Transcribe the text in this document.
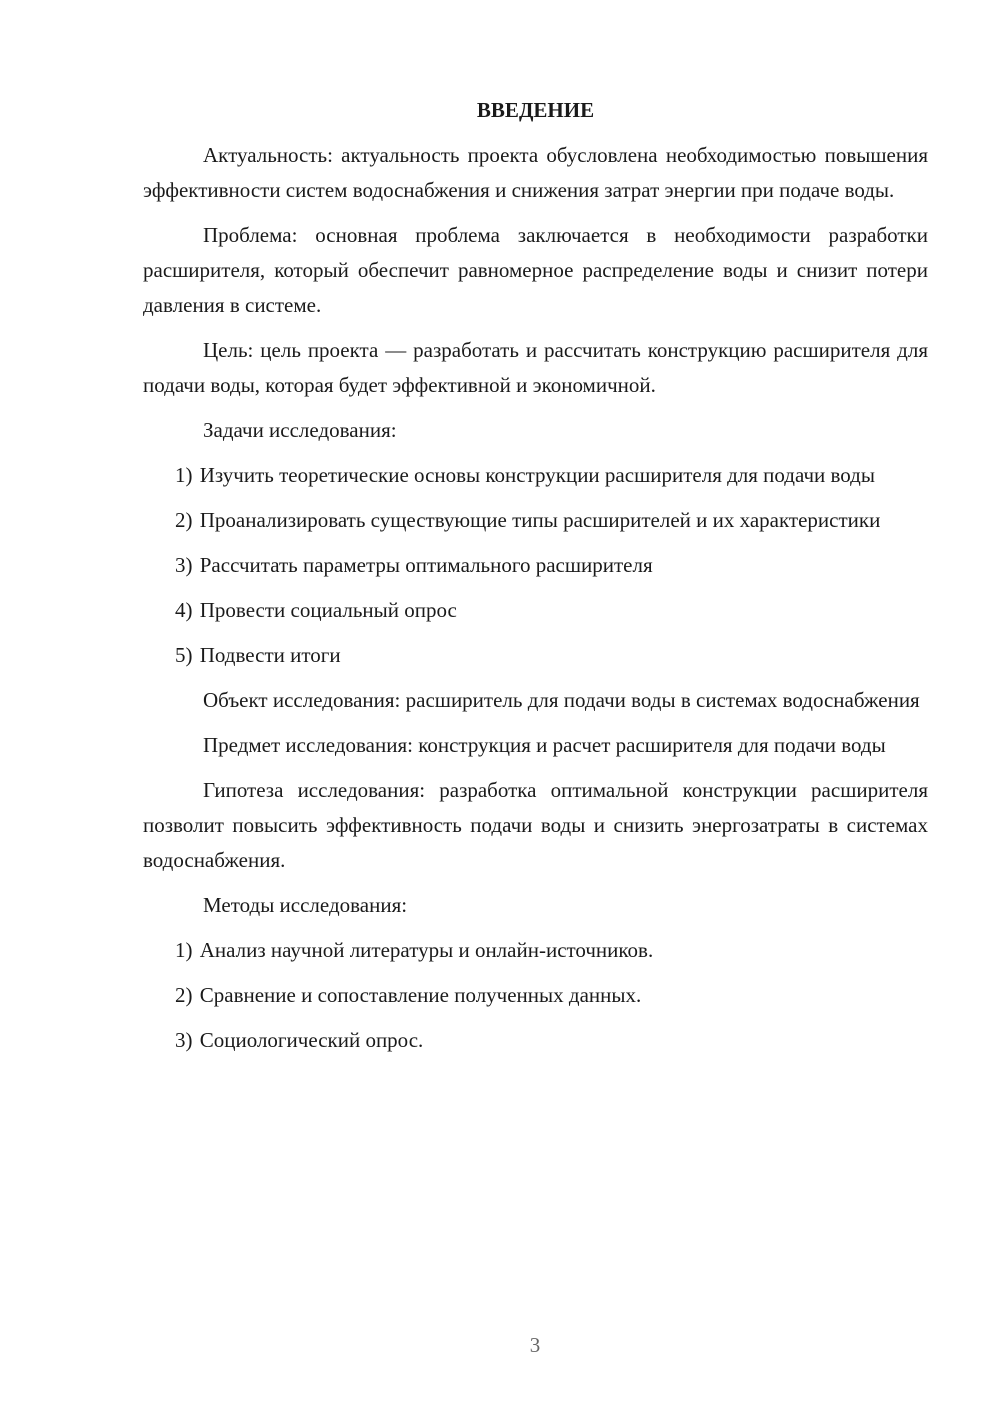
ВВЕДЕНИЕ

Актуальность: актуальность проекта обусловлена необходимостью повышения эффективности систем водоснабжения и снижения затрат энергии при подаче воды.

Проблема: основная проблема заключается в необходимости разработки расширителя, который обеспечит равномерное распределение воды и снизит потери давления в системе.

Цель: цель проекта — разработать и рассчитать конструкцию расширителя для подачи воды, которая будет эффективной и экономичной.

Задачи исследования:

1) Изучить теоретические основы конструкции расширителя для подачи воды

2) Проанализировать существующие типы расширителей и их характеристики

3) Рассчитать параметры оптимального расширителя

4) Провести социальный опрос

5) Подвести итоги

Объект исследования: расширитель для подачи воды в системах водоснабжения

Предмет исследования: конструкция и расчет расширителя для подачи воды

Гипотеза исследования: разработка оптимальной конструкции расширителя позволит повысить эффективность подачи воды и снизить энергозатраты в системах водоснабжения.

Методы исследования:

1) Анализ научной литературы и онлайн-источников.

2) Сравнение и сопоставление полученных данных.

3) Социологический опрос.

3
